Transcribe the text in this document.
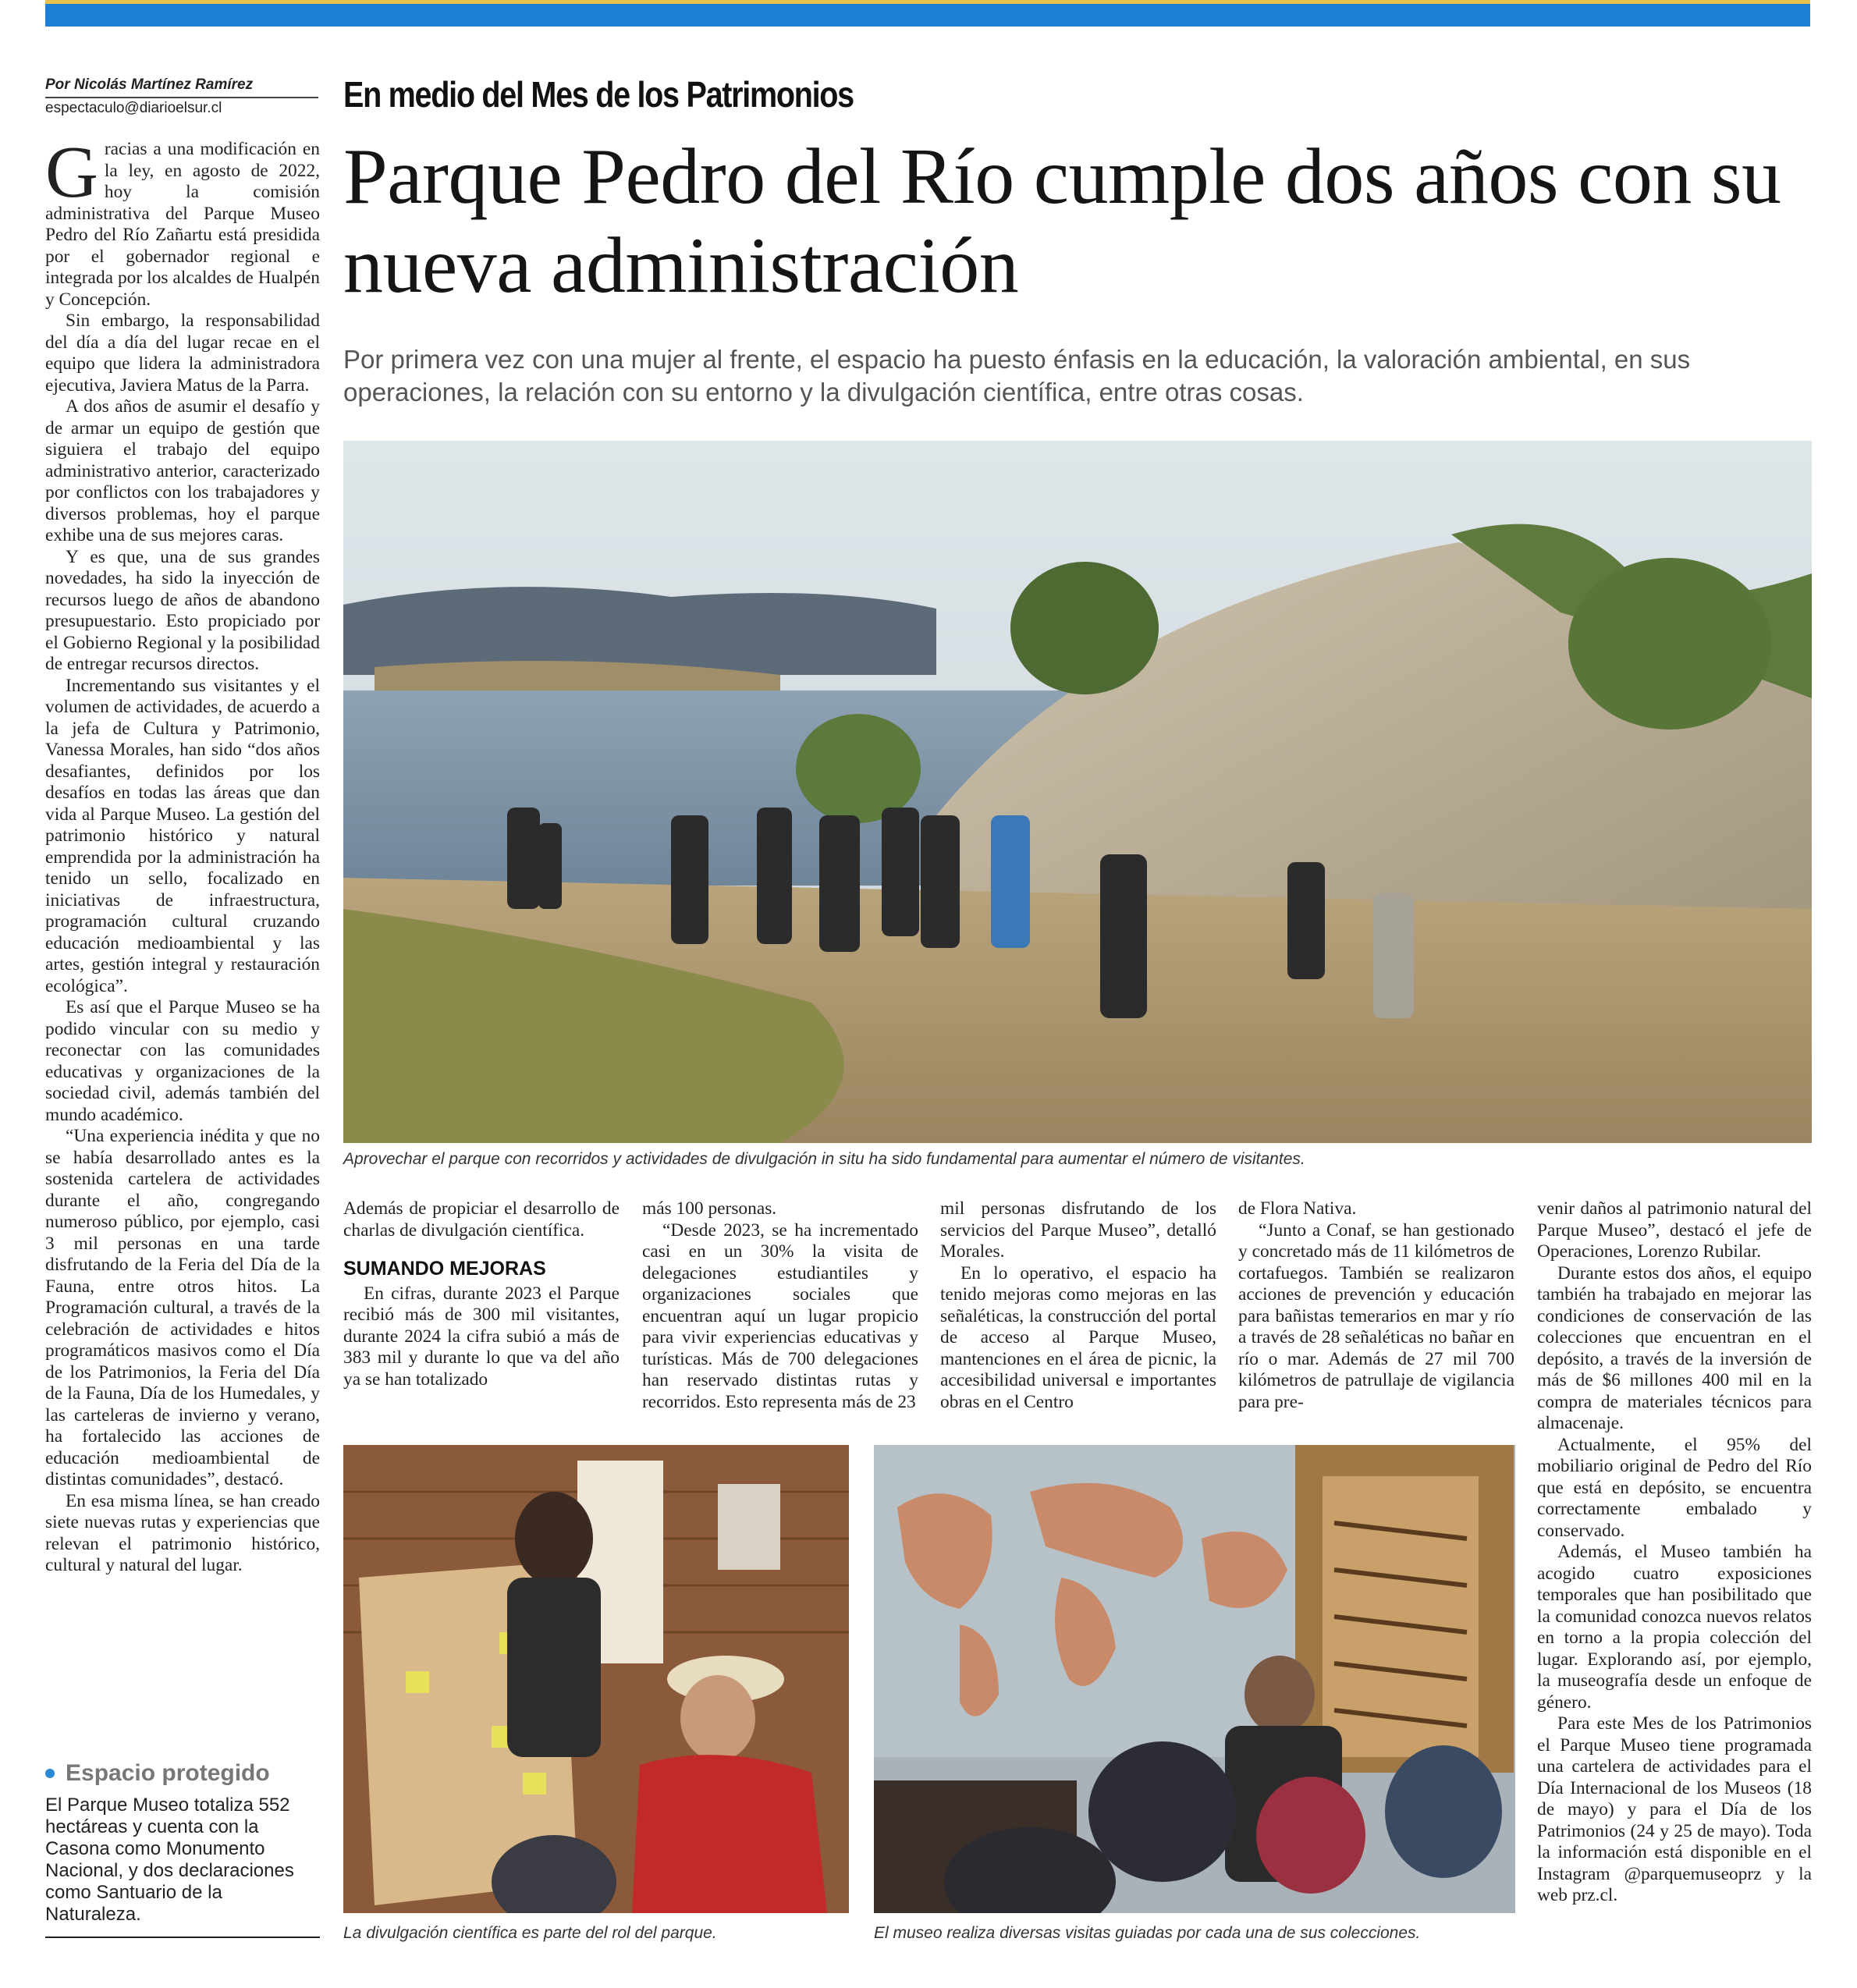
Por Nicolás Martínez Ramírez
espectaculo@diarioelsur.cl	En medio del Mes de los Patrimonios
Parque Pedro del Río cumple dos años con su nueva administración
Por primera vez con una mujer al frente, el espacio ha puesto énfasis en la educación, la valoración ambiental, en sus operaciones, la relación con su entorno y la divulgación científica, entre otras cosas.

Gracias a una modificación en la ley, en agosto de 2022, hoy la comisión administrativa del Parque Museo Pedro del Río Zañartu está presidida por el gobernador regional e integrada por los alcaldes de Hualpén y Concepción.

Sin embargo, la responsabilidad del día a día del lugar recae en el equipo que lidera la administradora ejecutiva, Javiera Matus de la Parra.

A dos años de asumir el desafío y de armar un equipo de gestión que siguiera el trabajo del equipo administrativo anterior, caracterizado por conflictos con los trabajadores y diversos problemas, hoy el parque exhibe una de sus mejores caras.

Y es que, una de sus grandes novedades, ha sido la inyección de recursos luego de años de abandono presupuestario. Esto propiciado por el Gobierno Regional y la posibilidad de entregar recursos directos.

Incrementando sus visitantes y el volumen de actividades, de acuerdo a la jefa de Cultura y Patrimonio, Vanessa Morales, han sido “dos años desafiantes, definidos por los desafíos en todas las áreas que dan vida al Parque Museo. La gestión del patrimonio histórico y natural emprendida por la administración ha tenido un sello, focalizado en iniciativas de infraestructura, programación cultural cruzando educación medioambiental y las artes, gestión integral y restauración ecológica”.

Es así que el Parque Museo se ha podido vincular con su medio y reconectar con las comunidades educativas y organizaciones de la sociedad civil, además también del mundo académico.

“Una experiencia inédita y que no se había desarrollado antes es la sostenida cartelera de actividades durante el año, congregando numeroso público, por ejemplo, casi 3 mil personas en una tarde disfrutando de la Feria del Día de la Fauna, entre otros hitos. La Programación cultural, a través de la celebración de actividades e hitos programáticos masivos como el Día de los Patrimonios, la Feria del Día de la Fauna, Día de los Humedales, y las carteleras de invierno y verano, ha fortalecido las acciones de educación medioambiental de distintas comunidades”, destacó.

En esa misma línea, se han creado siete nuevas rutas y experiencias que relevan el patrimonio histórico, cultural y natural del lugar.

Espacio protegido
El Parque Museo totaliza 552 hectáreas y cuenta con la Casona como Monumento Nacional, y dos declaraciones como Santuario de la Naturaleza.
Aprovechar el parque con recorridos y actividades de divulgación in situ ha sido fundamental para aumentar el número de visitantes.

Además de propiciar el desarrollo de charlas de divulgación científica.

SUMANDO MEJORAS

En cifras, durante 2023 el Parque recibió más de 300 mil visitantes, durante 2024 la cifra subió a más de 383 mil y durante lo que va del año ya se han totalizado

más 100 personas.

“Desde 2023, se ha incrementado casi en un 30% la visita de delegaciones estudiantiles y organizaciones sociales que encuentran aquí un lugar propicio para vivir experiencias educativas y turísticas. Más de 700 delegaciones han reservado distintas rutas y recorridos. Esto representa más de 23

mil personas disfrutando de los servicios del Parque Museo”, detalló Morales.

En lo operativo, el espacio ha tenido mejoras como mejoras en las señaléticas, la construcción del portal de acceso al Parque Museo, mantenciones en el área de picnic, la accesibilidad universal e importantes obras en el Centro

de Flora Nativa.

“Junto a Conaf, se han gestionado y concretado más de 11 kilómetros de cortafuegos. También se realizaron acciones de prevención y educación para bañistas temerarios en mar y río a través de 28 señaléticas no bañar en río o mar. Además de 27 mil 700 kilómetros de patrullaje de vigilancia para pre-

venir daños al patrimonio natural del Parque Museo”, destacó el jefe de Operaciones, Lorenzo Rubilar.

Durante estos dos años, el equipo también ha trabajado en mejorar las condiciones de conservación de las colecciones que encuentran en el depósito, a través de la inversión de más de $6 millones 400 mil en la compra de materiales técnicos para almacenaje.

Actualmente, el 95% del mobiliario original de Pedro del Río que está en depósito, se encuentra correctamente embalado y conservado.

Además, el Museo también ha acogido cuatro exposiciones temporales que han posibilitado que la comunidad conozca nuevos relatos en torno a la propia colección del lugar. Explorando así, por ejemplo, la museografía desde un enfoque de género.

Para este Mes de los Patrimonios el Parque Museo tiene programada una cartelera de actividades para el Día Internacional de los Museos (18 de mayo) y para el Día de los Patrimonios (24 y 25 de mayo). Toda la información está disponible en el Instagram @parquemuseoprz y la web prz.cl.

La divulgación científica es parte del rol del parque.	El museo realiza diversas visitas guiadas por cada una de sus colecciones.
